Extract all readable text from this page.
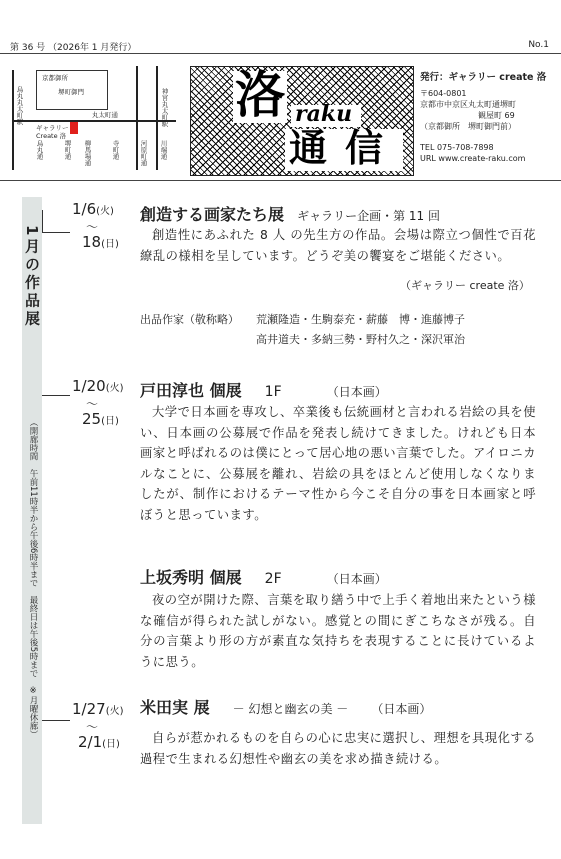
第 36 号 （2026年 1 月発行）	No.1
京都御所
堺町御門
丸太町通
ギャラリー
Create 洛
烏丸丸太町駅	神宮丸太町駅
烏丸通	堺町通 柳馬場通	寺町通	河原町通 川端通
洛 raku
通信
発行：ギャラリー create 洛
〒604-0801
京都市中京区丸太町通堺町
観屋町 69
（京都御所　堺町御門前）
TEL 075-708-7898
URL www.create-raku.com
1月の作品展
（開廊時間　午前11時半から午後6時半まで　最終日は午後5時まで　※月曜休廊）
1/6(火)
〜
18(日)
創造する画家たち展 ギャラリー企画・第 11 回
創造性にあふれた 8 人 の先生方の作品。会場は際立つ個性で百花繚乱の様相を呈しています。どうぞ美の饗宴をご堪能ください。
（ギャラリー create 洛）
出品作家（敬称略） 荒瀬隆造・生駒泰充・薪藤　博・進藤博子
高井道夫・多納三勢・野村久之・深沢軍治
1/20(火)
〜
25(日)
戸田淳也 個展 1F	（日本画）
大学で日本画を専攻し、卒業後も伝統画材と言われる岩絵の具を使い、日本画の公募展で作品を発表し続けてきました。けれども日本画家と呼ばれるのは僕にとって居心地の悪い言葉でした。アイロニカルなことに、公募展を離れ、岩絵の具をほとんど使用しなくなりましたが、制作におけるテーマ性から今こそ自分の事を日本画家と呼ぼうと思っています。
上坂秀明 個展 2F	（日本画）
夜の空が開けた際、言葉を取り繕う中で上手く着地出来たという様な確信が得られた試しがない。感覚との間にぎこちなさが残る。自分の言葉より形の方が素直な気持ちを表現することに長けているように思う。
1/27(火)
〜
2/1(日)
米田実 展 － 幻想と幽玄の美 － （日本画）
自らが惹かれるものを自らの心に忠実に選択し、理想を具現化する過程で生まれる幻想性や幽玄の美を求め描き続ける。
